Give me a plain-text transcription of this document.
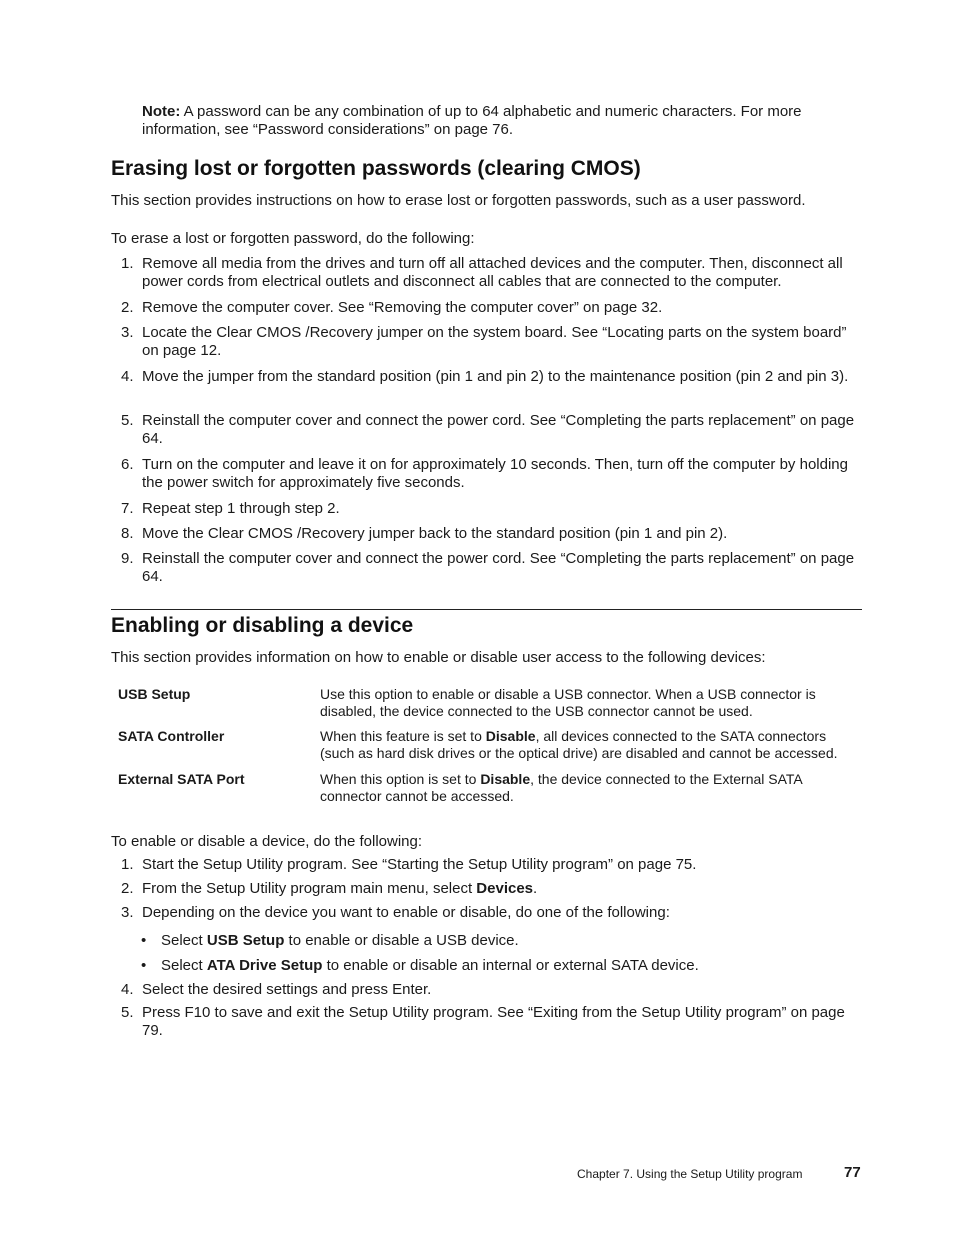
Note: A password can be any combination of up to 64 alphabetic and numeric characters. For more information, see “Password considerations” on page 76.
Erasing lost or forgotten passwords (clearing CMOS)
This section provides instructions on how to erase lost or forgotten passwords, such as a user password.
To erase a lost or forgotten password, do the following:
1. Remove all media from the drives and turn off all attached devices and the computer. Then, disconnect all power cords from electrical outlets and disconnect all cables that are connected to the computer.
2. Remove the computer cover. See “Removing the computer cover” on page 32.
3. Locate the Clear CMOS /Recovery jumper on the system board. See “Locating parts on the system board” on page 12.
4. Move the jumper from the standard position (pin 1 and pin 2) to the maintenance position (pin 2 and pin 3).
5. Reinstall the computer cover and connect the power cord. See “Completing the parts replacement” on page 64.
6. Turn on the computer and leave it on for approximately 10 seconds. Then, turn off the computer by holding the power switch for approximately five seconds.
7. Repeat step 1 through step 2.
8. Move the Clear CMOS /Recovery jumper back to the standard position (pin 1 and pin 2).
9. Reinstall the computer cover and connect the power cord. See “Completing the parts replacement” on page 64.
Enabling or disabling a device
This section provides information on how to enable or disable user access to the following devices:
USB Setup	Use this option to enable or disable a USB connector. When a USB connector is disabled, the device connected to the USB connector cannot be used.
SATA Controller	When this feature is set to Disable, all devices connected to the SATA connectors (such as hard disk drives or the optical drive) are disabled and cannot be accessed.
External SATA Port	When this option is set to Disable, the device connected to the External SATA connector cannot be accessed.
To enable or disable a device, do the following:
1. Start the Setup Utility program. See “Starting the Setup Utility program” on page 75.
2. From the Setup Utility program main menu, select Devices.
3. Depending on the device you want to enable or disable, do one of the following:
4. Select the desired settings and press Enter.
5. Press F10 to save and exit the Setup Utility program. See “Exiting from the Setup Utility program” on page 79.
• Select USB Setup to enable or disable a USB device.
• Select ATA Drive Setup to enable or disable an internal or external SATA device.
Chapter 7. Using the Setup Utility program	77
